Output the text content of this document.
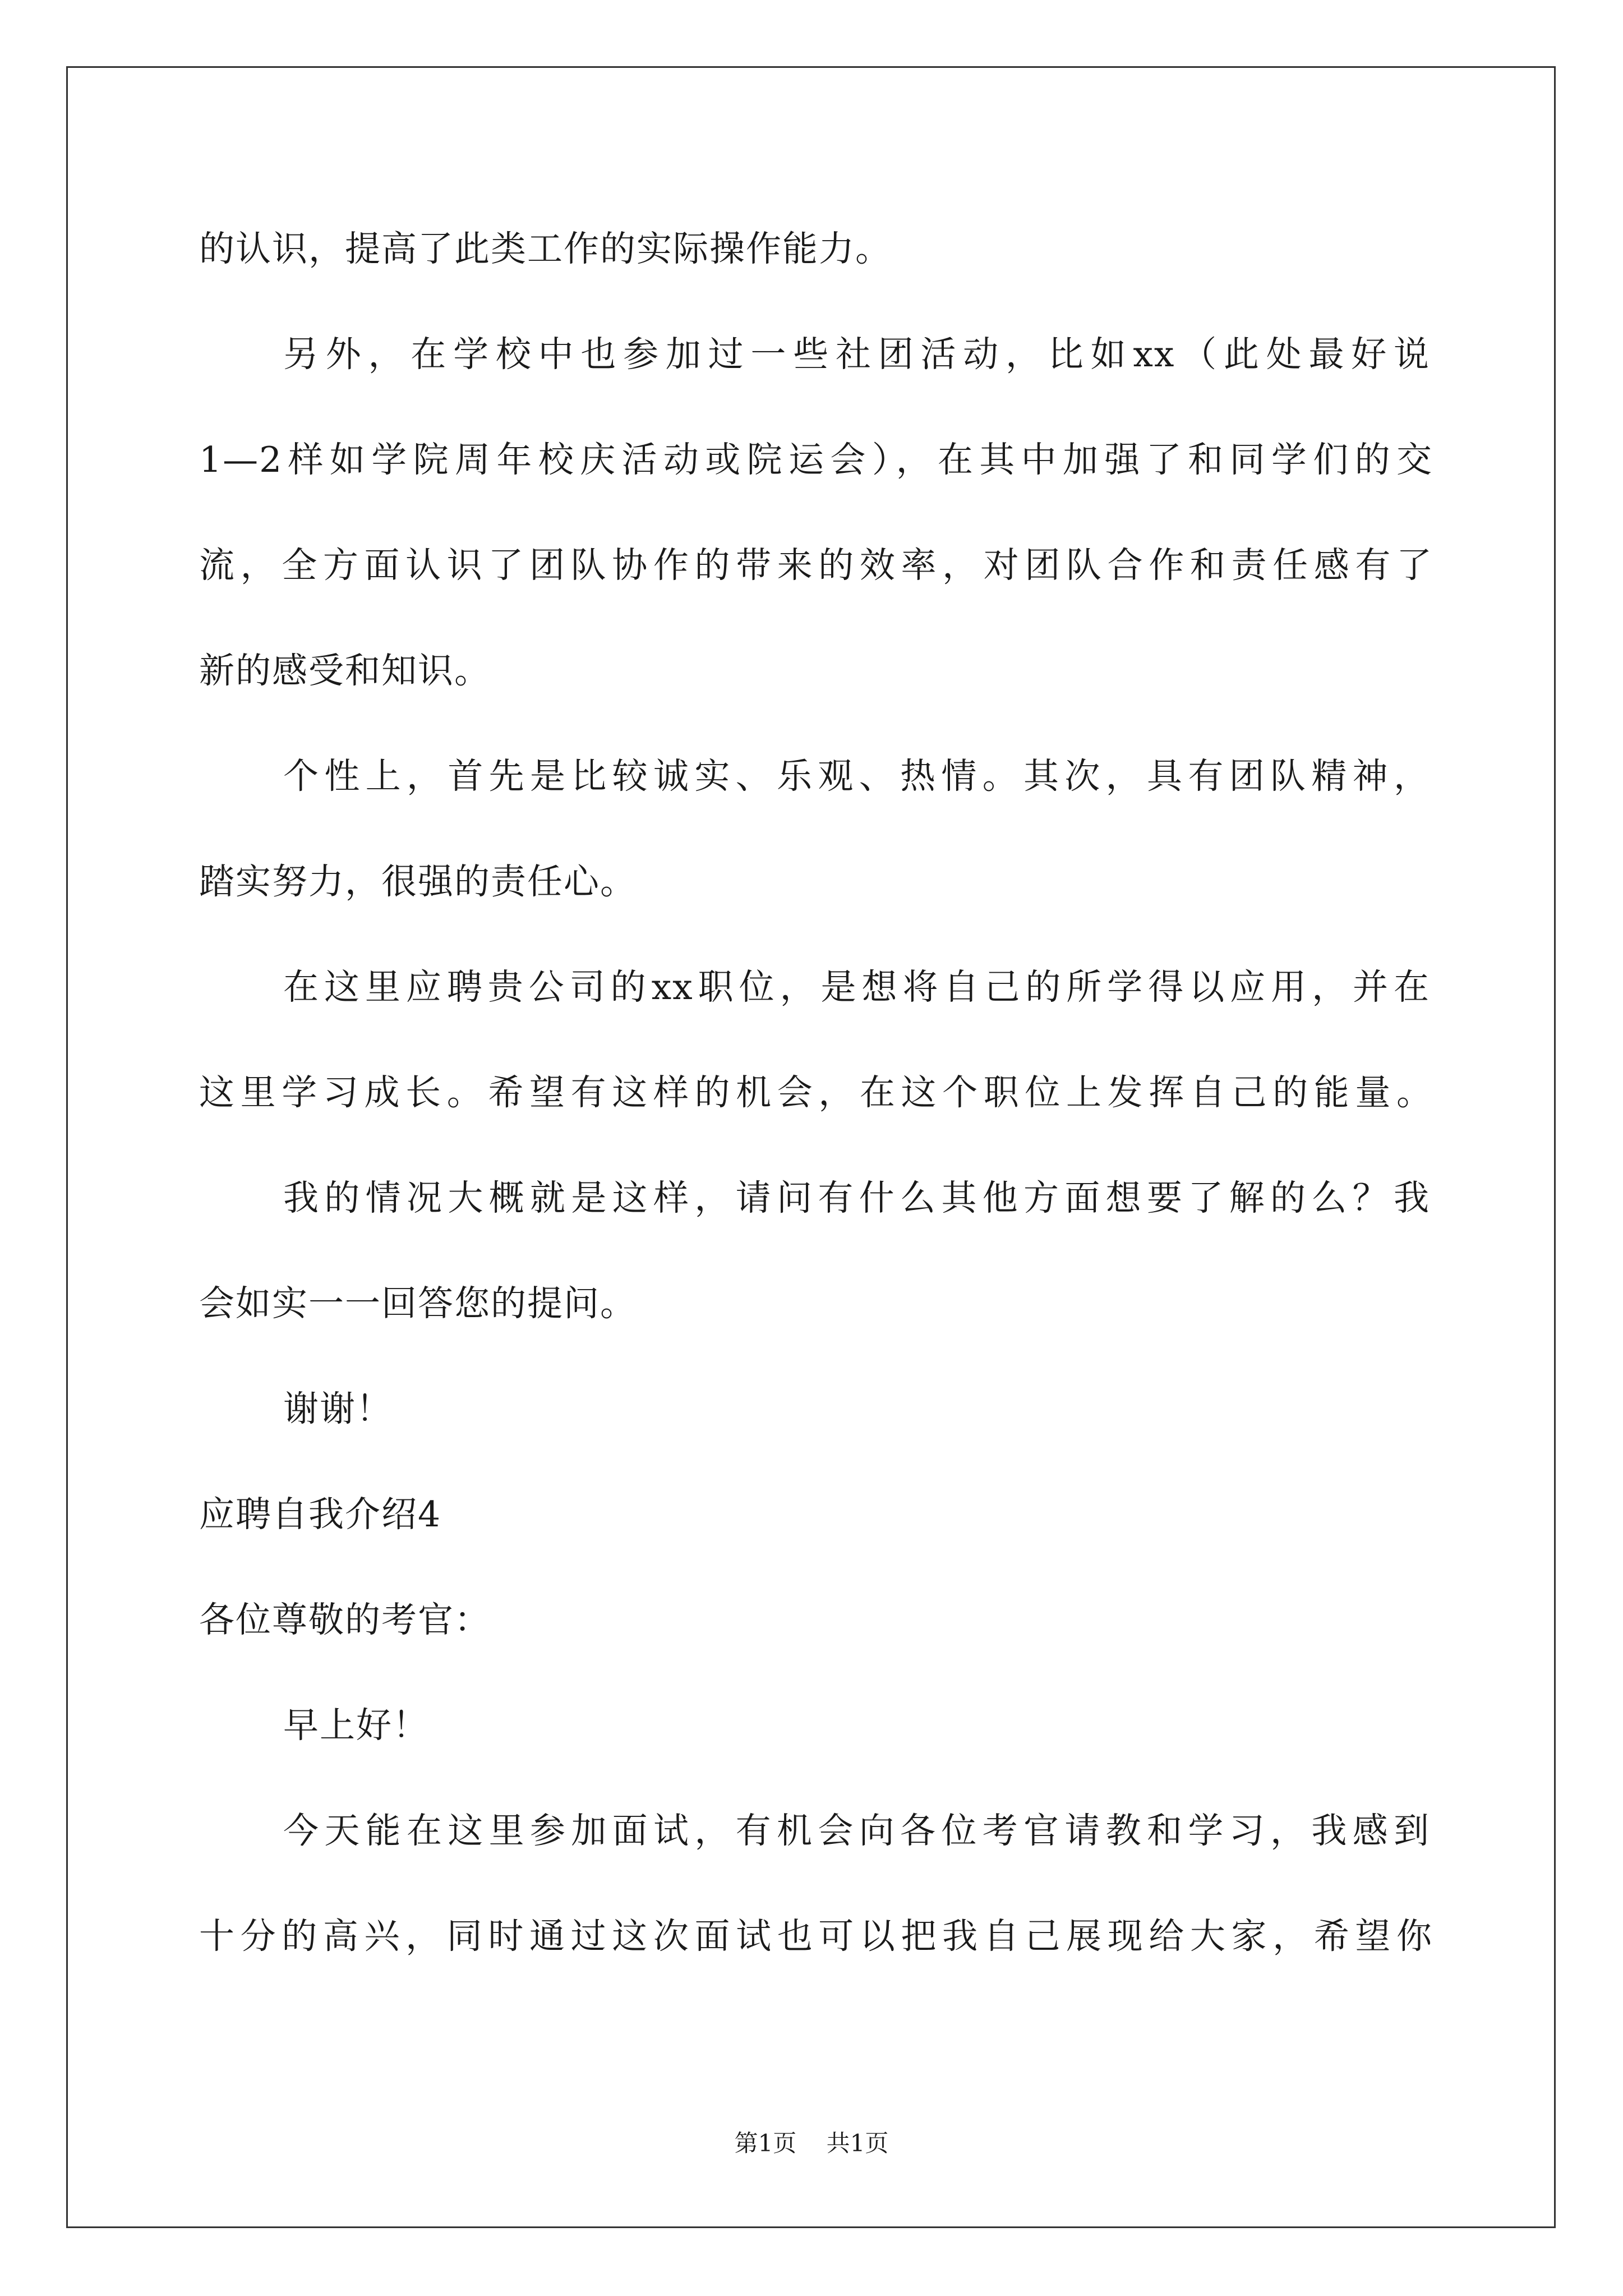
的认识，提高了此类工作的实际操作能力。
另外，在学校中也参加过一些社团活动，比如xx（此处最好说
1—2样如学院周年校庆活动或院运会），在其中加强了和同学们的交
流，全方面认识了团队协作的带来的效率，对团队合作和责任感有了
新的感受和知识。
个性上，首先是比较诚实、乐观、热情。其次，具有团队精神，
踏实努力，很强的责任心。
在这里应聘贵公司的xx职位，是想将自己的所学得以应用，并在
这里学习成长。希望有这样的机会，在这个职位上发挥自己的能量。
我的情况大概就是这样，请问有什么其他方面想要了解的么？我
会如实一一回答您的提问。
谢谢！
应聘自我介绍4
各位尊敬的考官：
早上好！
今天能在这里参加面试，有机会向各位考官请教和学习，我感到
十分的高兴，同时通过这次面试也可以把我自己展现给大家，希望你
第1页    共1页
